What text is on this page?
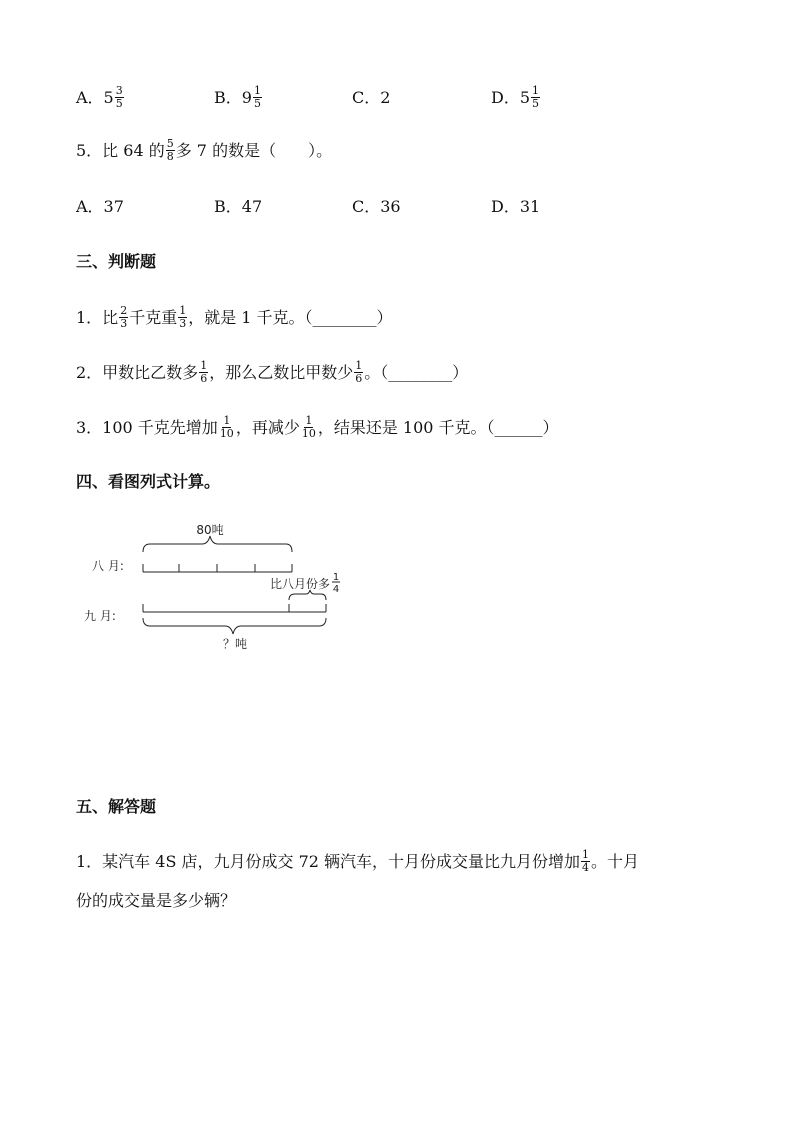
A．$5 \frac{3}{5}$	B．$9 \frac{1}{5}$	C．2	D．$5 \frac{1}{5}$
5．比 64 的 $\frac{5}{8}$ 多 7 的数是（　　）。
A．37	B．47	C．36	D．31
三、判断题
1．比 $\frac{2}{3}$ 千克重 $\frac{1}{3}$ ，就是 1 千克。（________）
2．甲数比乙数多 $\frac{1}{6}$ ，那么乙数比甲数少 $\frac{1}{6}$ 。（________）
3．100 千克先增加 $\frac{1}{10}$ ，再减少 $\frac{1}{10}$ ，结果还是 100 千克。（______）
四、看图列式计算。
80吨
八 月:
比八月份多 1
4
九 月:
？吨
五、解答题
1．某汽车 4S 店，九月份成交 72 辆汽车，十月份成交量比九月份增加 $\frac{1}{4}$ 。十月
份的成交量是多少辆？
